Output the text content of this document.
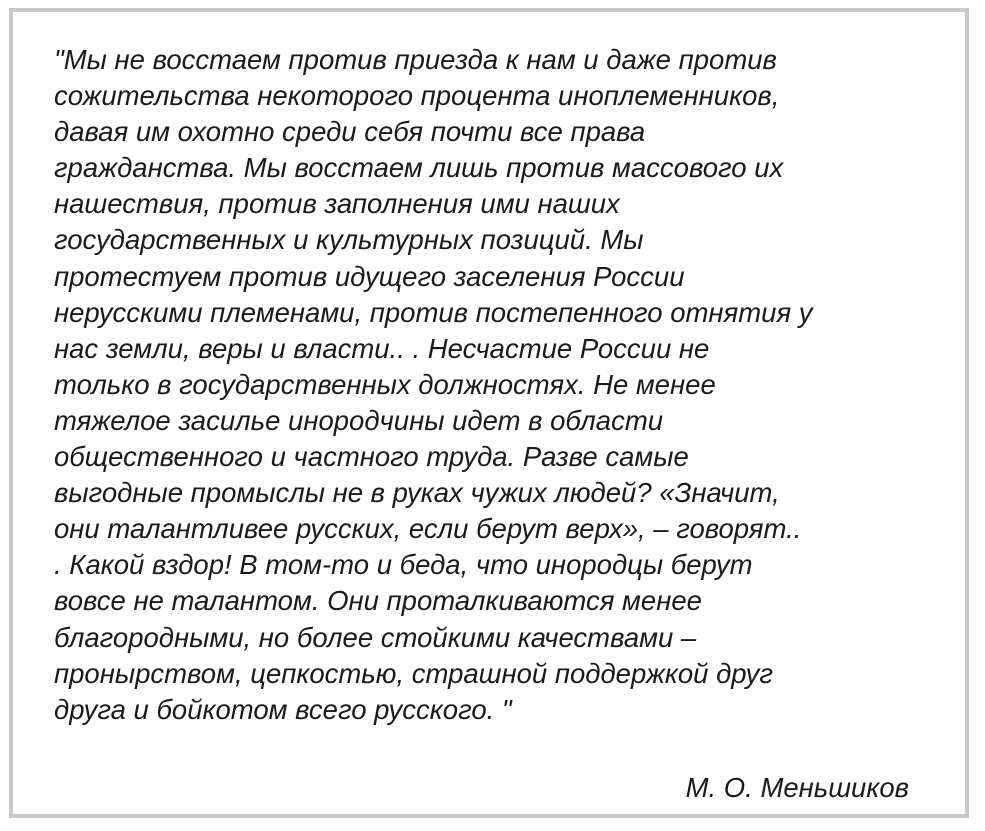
"Мы не восстаем против приезда к нам и даже против
сожительства некоторого процента иноплеменников,
давая им охотно среди себя почти все права
гражданства. Мы восстаем лишь против массового их
нашествия, против заполнения ими наших
государственных и культурных позиций. Мы
протестуем против идущего заселения России
нерусскими племенами, против постепенного отнятия у
нас земли, веры и власти.. . Несчастие России не
только в государственных должностях. Не менее
тяжелое засилье инородчины идет в области
общественного и частного труда. Разве самые
выгодные промыслы не в руках чужих людей? «Значит,
они талантливее русских, если берут верх», – говорят..
. Какой вздор! В том-то и беда, что инородцы берут
вовсе не талантом. Они проталкиваются менее
благородными, но более стойкими качествами –
пронырством, цепкостью, страшной поддержкой друг
друга и бойкотом всего русского. "
М. О. Меньшиков
